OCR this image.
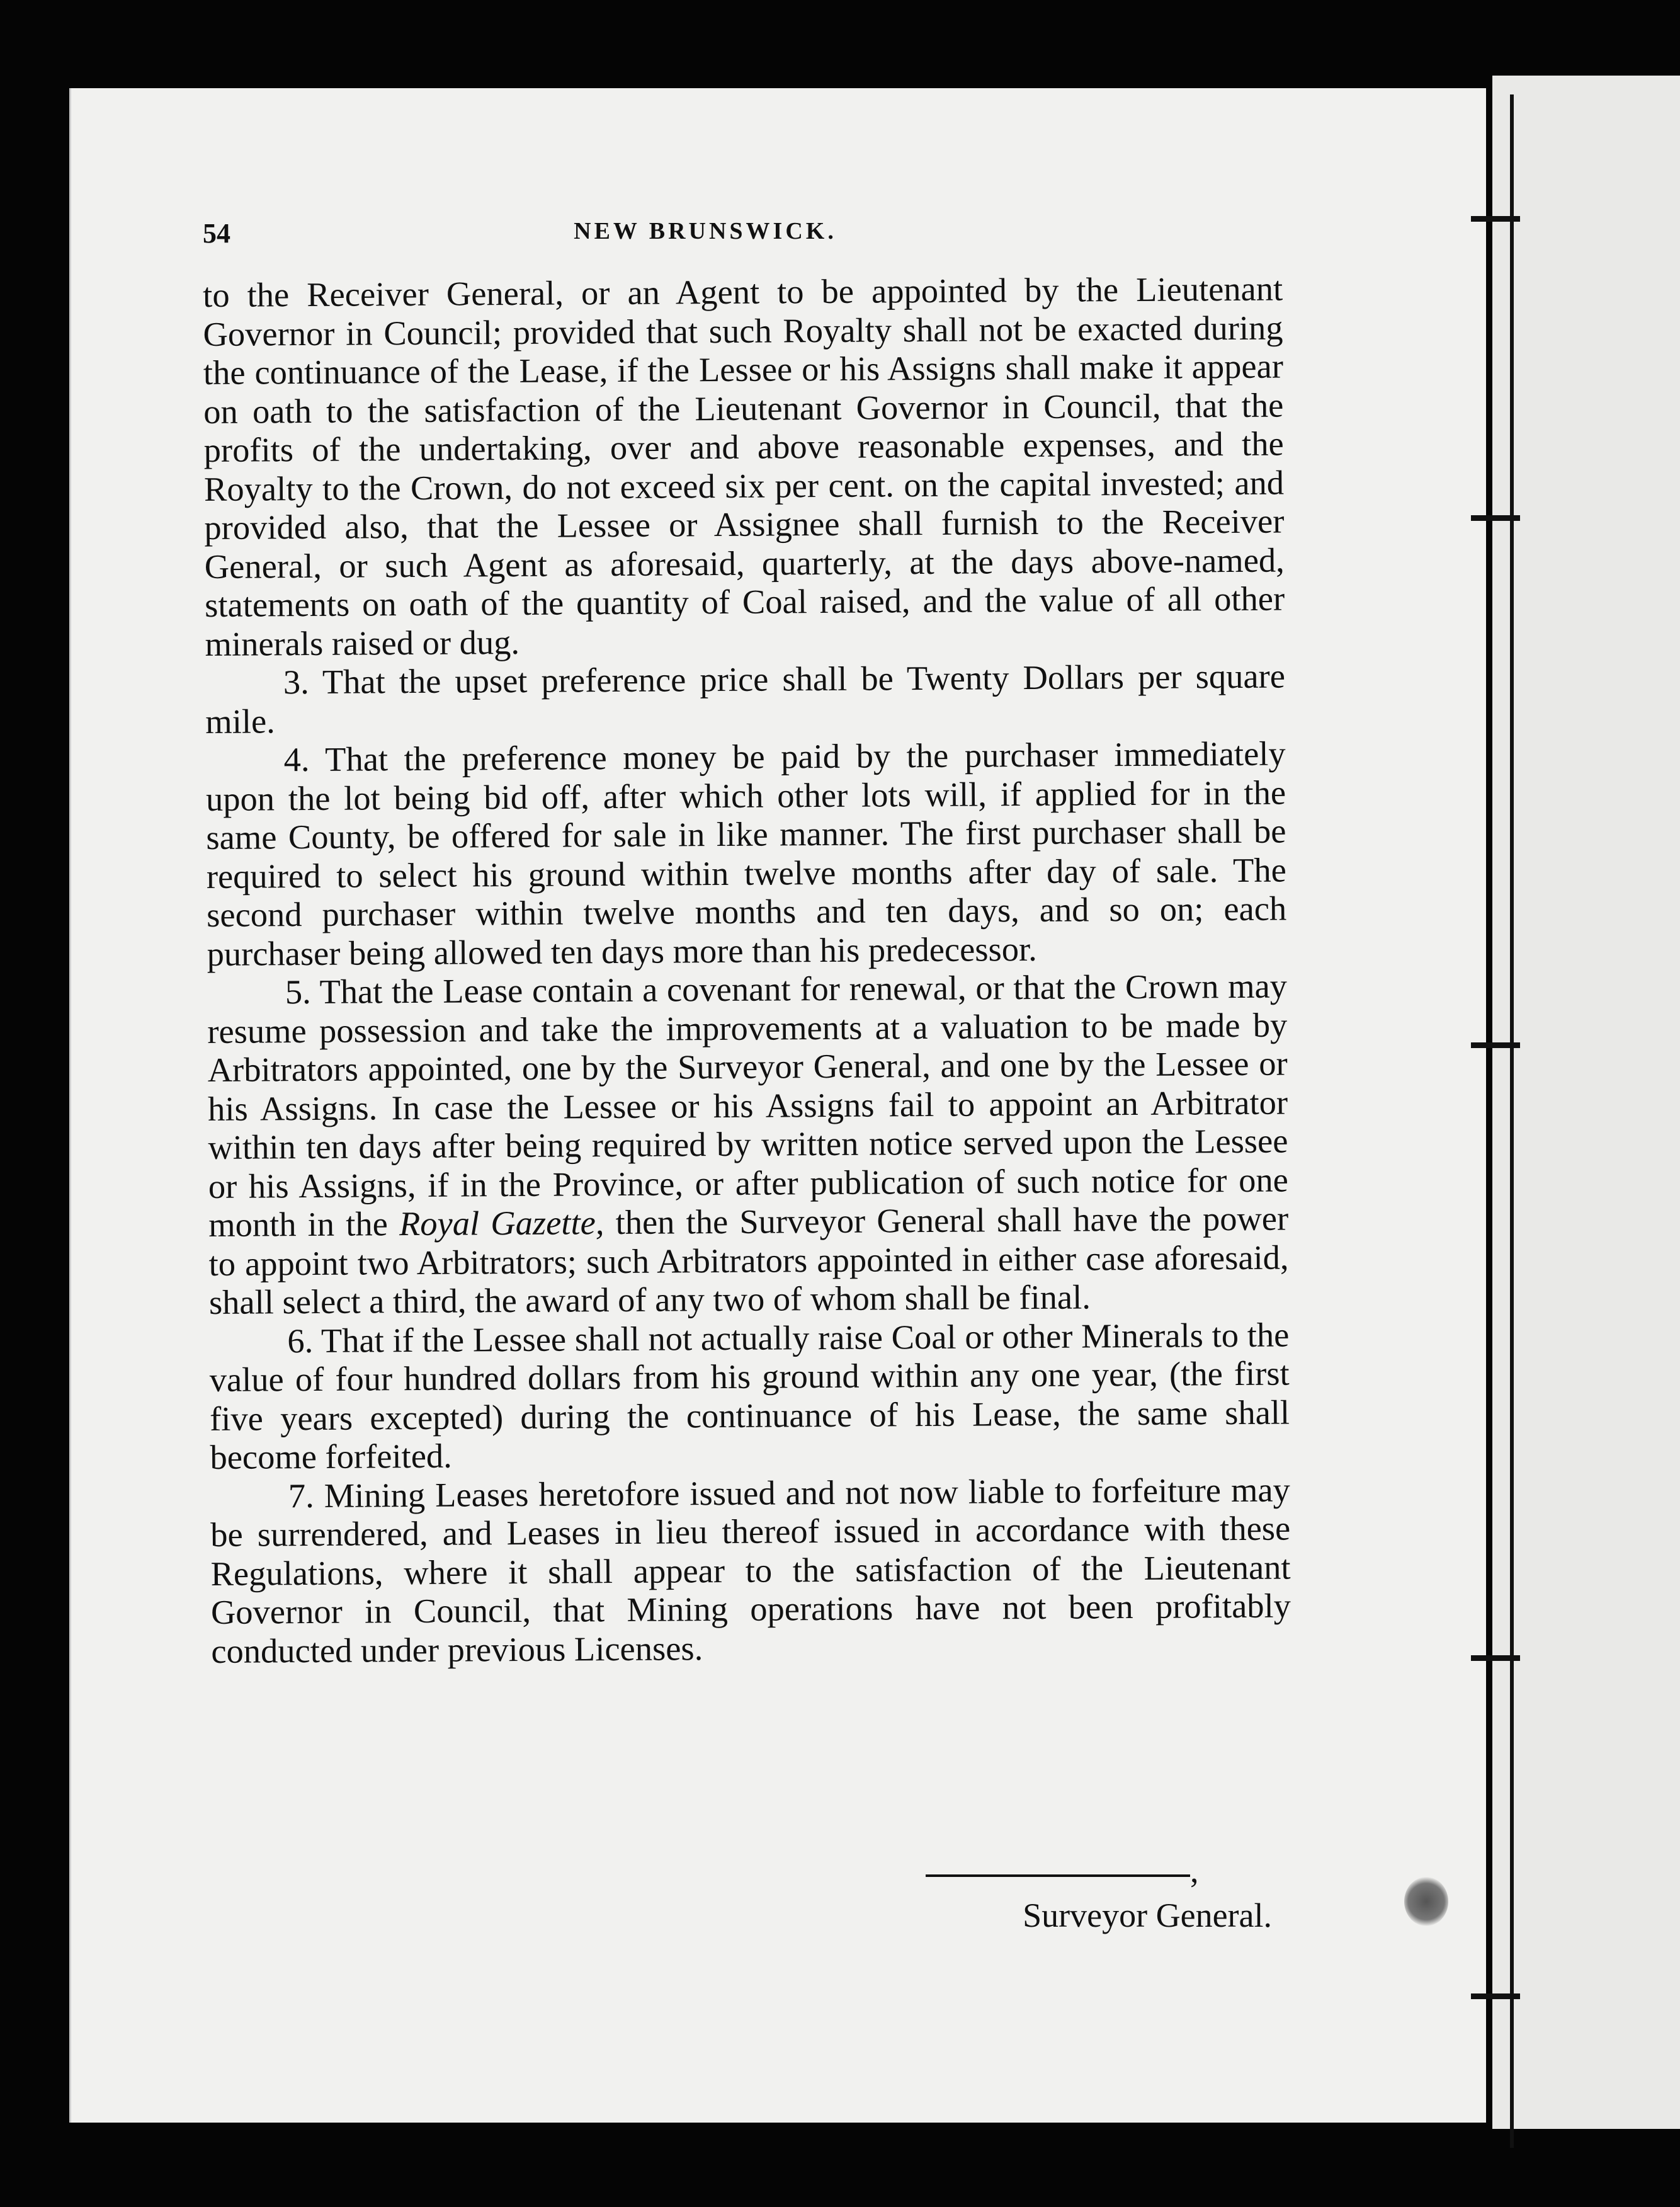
54	NEW BRUNSWICK.

to the Receiver General, or an Agent to be appointed by the Lieutenant Governor in Council; provided that such Royalty shall not be exacted during the continuance of the Lease, if the Lessee or his Assigns shall make it appear on oath to the satisfaction of the Lieutenant Governor in Council, that the profits of the undertaking, over and above reasonable expenses, and the Royalty to the Crown, do not exceed six per cent. on the capital invested; and provided also, that the Lessee or Assignee shall furnish to the Receiver General, or such Agent as aforesaid, quarterly, at the days above-named, statements on oath of the quantity of Coal raised, and the value of all other minerals raised or dug.

3. That the upset preference price shall be Twenty Dollars per square mile.

4. That the preference money be paid by the purchaser immediately upon the lot being bid off, after which other lots will, if applied for in the same County, be offered for sale in like manner. The first purchaser shall be required to select his ground within twelve months after day of sale. The second purchaser within twelve months and ten days, and so on; each purchaser being allowed ten days more than his predecessor.

5. That the Lease contain a covenant for renewal, or that the Crown may resume possession and take the improvements at a valuation to be made by Arbitrators appointed, one by the Surveyor General, and one by the Lessee or his Assigns. In case the Lessee or his Assigns fail to appoint an Arbitrator within ten days after being required by written notice served upon the Lessee or his Assigns, if in the Province, or after publication of such notice for one month in the Royal Gazette, then the Surveyor General shall have the power to appoint two Arbitrators; such Arbitrators appointed in either case aforesaid, shall select a third, the award of any two of whom shall be final.

6. That if the Lessee shall not actually raise Coal or other Minerals to the value of four hundred dollars from his ground within any one year, (the first five years excepted) during the continuance of his Lease, the same shall become forfeited.

7. Mining Leases heretofore issued and not now liable to forfeiture may be surrendered, and Leases in lieu thereof issued in accordance with these Regulations, where it shall appear to the satisfaction of the Lieutenant Governor in Council, that Mining operations have not been profitably conducted under previous Licenses.

,
Surveyor General.
